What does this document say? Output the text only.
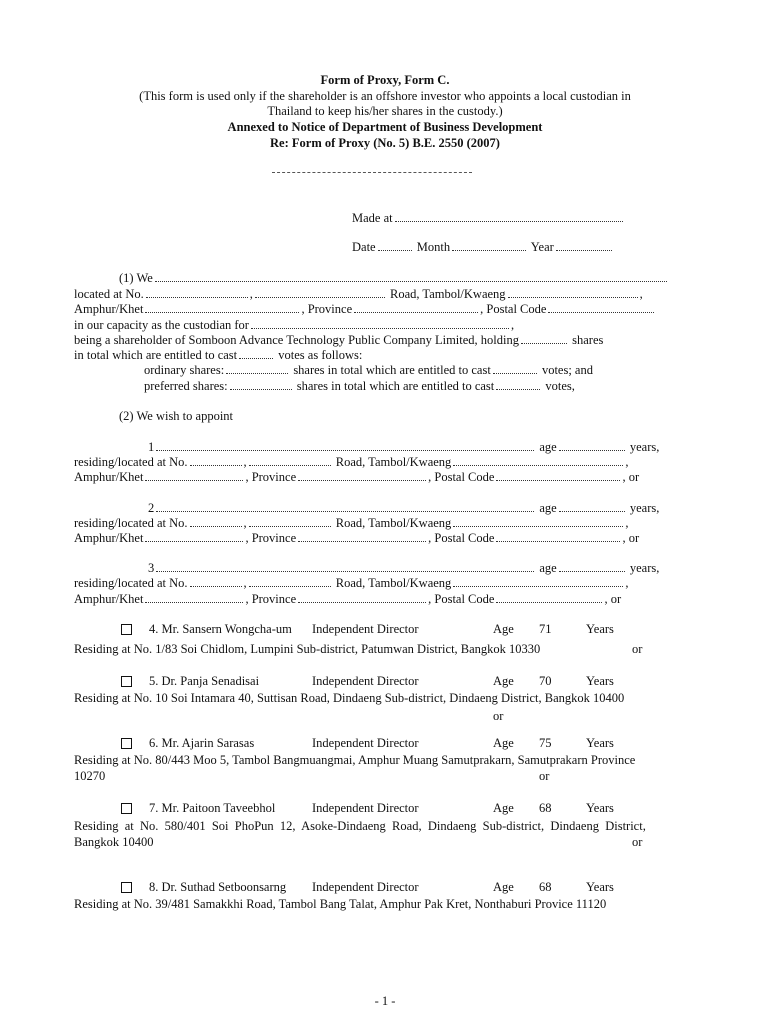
Form of Proxy, Form C.
(This form is used only if the shareholder is an offshore investor who appoints a local custodian in
Thailand to keep his/her shares in the custody.)
Annexed to Notice of Department of Business Development
Re: Form of Proxy (No. 5) B.E. 2550 (2007)
Made at
Date	Month	Year
(1) We
located at No.	,	Road, Tambol/Kwaeng	,
Amphur/Khet	, Province	, Postal Code
in our capacity as the custodian for	,
being a shareholder of Somboon Advance Technology Public Company Limited, holding	shares
in total which are entitled to cast	votes as follows:
ordinary shares:	shares in total which are entitled to cast	votes; and
preferred shares:	shares in total which are entitled to cast	votes,
(2) We wish to appoint
1	age	years,
residing/located at No.	,	Road, Tambol/Kwaeng	,
Amphur/Khet	, Province	, Postal Code	, or
2	age	years,
residing/located at No.	,	Road, Tambol/Kwaeng	,
Amphur/Khet	, Province	, Postal Code	, or
3	age	years,
residing/located at No.	,	Road, Tambol/Kwaeng	,
Amphur/Khet	, Province	, Postal Code	, or
4. Mr. Sansern Wongcha-um Independent Director	Age 71	Years
Residing at No. 1/83 Soi Chidlom, Lumpini Sub-district, Patumwan District, Bangkok 10330	or
5. Dr. Panja Senadisai	Independent Director	Age 70	Years
Residing at No. 10 Soi Intamara 40, Suttisan Road, Dindaeng Sub-district, Dindaeng District, Bangkok 10400
or
6. Mr. Ajarin Sarasas	Independent Director	Age 75	Years
Residing at No. 80/443 Moo 5, Tambol Bangmuangmai, Amphur Muang Samutprakarn, Samutprakarn Province
10270	or
7. Mr. Paitoon Taveebhol	Independent Director	Age 68	Years
Residing  at  No.  580/401  Soi  PhoPun  12,  Asoke-Dindaeng  Road,  Dindaeng  Sub-district,  Dindaeng  District,
Bangkok 10400	or
8. Dr. Suthad Setboonsarng Independent Director	Age 68	Years
Residing at No. 39/481 Samakkhi Road, Tambol Bang Talat, Amphur Pak Kret, Nonthaburi Provice 11120
- 1 -
